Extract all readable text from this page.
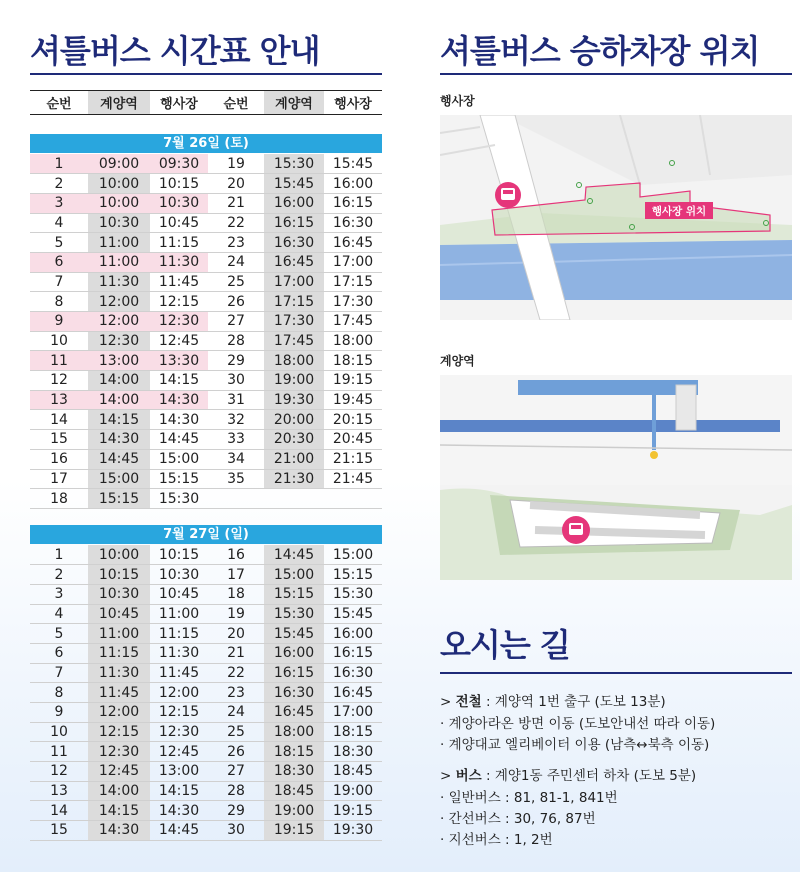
셔틀버스 시간표 안내	셔틀버스 승하차장 위치
순번	계양역	행사장	순번	계양역	행사장
7월 26일 (토)
1	09:00	09:30	19	15:30	15:45
2	10:00	10:15	20	15:45	16:00
3	10:00	10:30	21	16:00	16:15
4	10:30	10:45	22	16:15	16:30
5	11:00	11:15	23	16:30	16:45
6	11:00	11:30	24	16:45	17:00
7	11:30	11:45	25	17:00	17:15
8	12:00	12:15	26	17:15	17:30
9	12:00	12:30	27	17:30	17:45
10	12:30	12:45	28	17:45	18:00
11	13:00	13:30	29	18:00	18:15
12	14:00	14:15	30	19:00	19:15
13	14:00	14:30	31	19:30	19:45
14	14:15	14:30	32	20:00	20:15
15	14:30	14:45	33	20:30	20:45
16	14:45	15:00	34	21:00	21:15
17	15:00	15:15	35	21:30	21:45
18	15:15	15:30			
7월 27일 (일)
1	10:00	10:15	16	14:45	15:00
2	10:15	10:30	17	15:00	15:15
3	10:30	10:45	18	15:15	15:30
4	10:45	11:00	19	15:30	15:45
5	11:00	11:15	20	15:45	16:00
6	11:15	11:30	21	16:00	16:15
7	11:30	11:45	22	16:15	16:30
8	11:45	12:00	23	16:30	16:45
9	12:00	12:15	24	16:45	17:00
10	12:15	12:30	25	18:00	18:15
11	12:30	12:45	26	18:15	18:30
12	12:45	13:00	27	18:30	18:45
13	14:00	14:15	28	18:45	19:00
14	14:15	14:30	29	19:00	19:15
15	14:30	14:45	30	19:15	19:30
행사장
행사장 위치
계양역
오시는 길
> 전철 : 계양역 1번 출구 (도보 13분)
· 계양아라온 방면 이동 (도보안내선 따라 이동)
· 계양대교 엘리베이터 이용 (남측↔북측 이동)
> 버스 : 계양1동 주민센터 하차 (도보 5분)
· 일반버스 : 81, 81-1, 841번
· 간선버스 : 30, 76, 87번
· 지선버스 : 1, 2번
